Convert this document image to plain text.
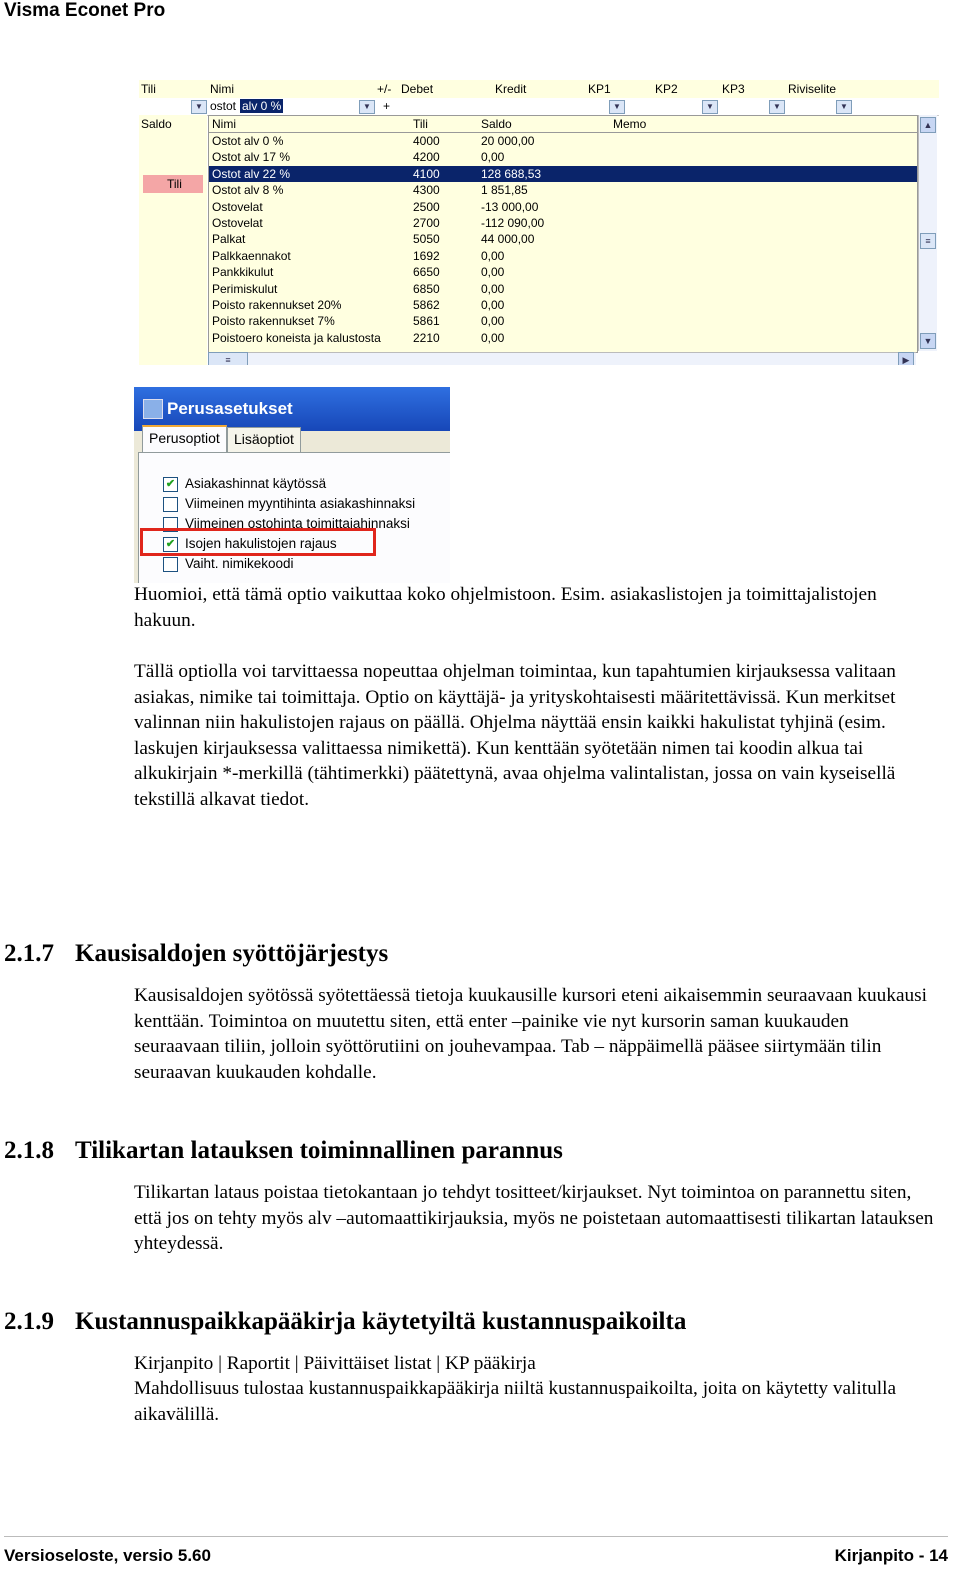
Visma Econet Pro
Tili	Nimi	+/- Debet	Kredit	KP1	KP2	KP3	Riviselite
▼ ostot alv 0 %	▼	+	▼	▼	▼	▼
Saldo
Tili
Nimi	Tili	Saldo	Memo
Ostot alv 0 %	4000	20 000,00
Ostot alv 17 %	4200	0,00
Ostot alv 22 %	4100	128 688,53
Ostot alv 8 %	4300	1 851,85
Ostovelat	2500	-13 000,00
Ostovelat	2700	-112 090,00
Palkat	5050	44 000,00
Palkkaennakot	1692	0,00
Pankkikulut	6650	0,00
Perimiskulut	6850	0,00
Poisto rakennukset 20%	5862	0,00
Poisto rakennukset 7%	5861	0,00
Poistoero koneista ja kalustosta	2210	0,00
▲
≡
▼
≡	▶
Perusasetukset
Perusoptiot	Lisäoptiot
✔ Asiakashinnat käytössä
Viimeinen myyntihinta asiakashinnaksi
Viimeinen ostohinta toimittajahinnaksi
✔ Isojen hakulistojen rajaus
Vaiht. nimikekoodi
Huomioi, että tämä optio vaikuttaa koko ohjelmistoon. Esim. asiakaslistojen ja toimittajalistojen hakuun.
Tällä optiolla voi tarvittaessa nopeuttaa ohjelman toimintaa, kun tapahtumien kirjauksessa valitaan asiakas, nimike tai toimittaja. Optio on käyttäjä- ja yrityskohtaisesti määritettävissä. Kun merkitset valinnan niin hakulistojen rajaus on päällä. Ohjelma näyttää ensin kaikki hakulistat tyhjinä (esim. laskujen kirjauksessa valittaessa nimikettä). Kun kenttään syötetään nimen tai koodin alkua tai alkukirjain *-merkillä (tähtimerkki) päätettynä, avaa ohjelma valintalistan, jossa on vain kyseisellä tekstillä alkavat tiedot.
2.1.7 Kausisaldojen syöttöjärjestys
Kausisaldojen syötössä syötettäessä tietoja kuukausille kursori eteni aikaisemmin seuraavaan kuukausi kenttään. Toimintoa on muutettu siten, että enter –painike vie nyt kursorin saman kuukauden seuraavaan tiliin, jolloin syöttörutiini on jouhevampaa. Tab – näppäimellä pääsee siirtymään tilin seuraavan kuukauden kohdalle.
2.1.8 Tilikartan latauksen toiminnallinen parannus
Tilikartan lataus poistaa tietokantaan jo tehdyt tositteet/kirjaukset. Nyt toimintoa on parannettu siten, että jos on tehty myös alv –automaattikirjauksia, myös ne poistetaan automaattisesti tilikartan latauksen yhteydessä.
2.1.9 Kustannuspaikkapääkirja käytetyiltä kustannuspaikoilta
Kirjanpito | Raportit | Päivittäiset listat | KP pääkirja
Mahdollisuus tulostaa kustannuspaikkapääkirja niiltä kustannuspaikoilta, joita on käytetty valitulla aikavälillä.
Versioseloste, versio 5.60	Kirjanpito - 14
